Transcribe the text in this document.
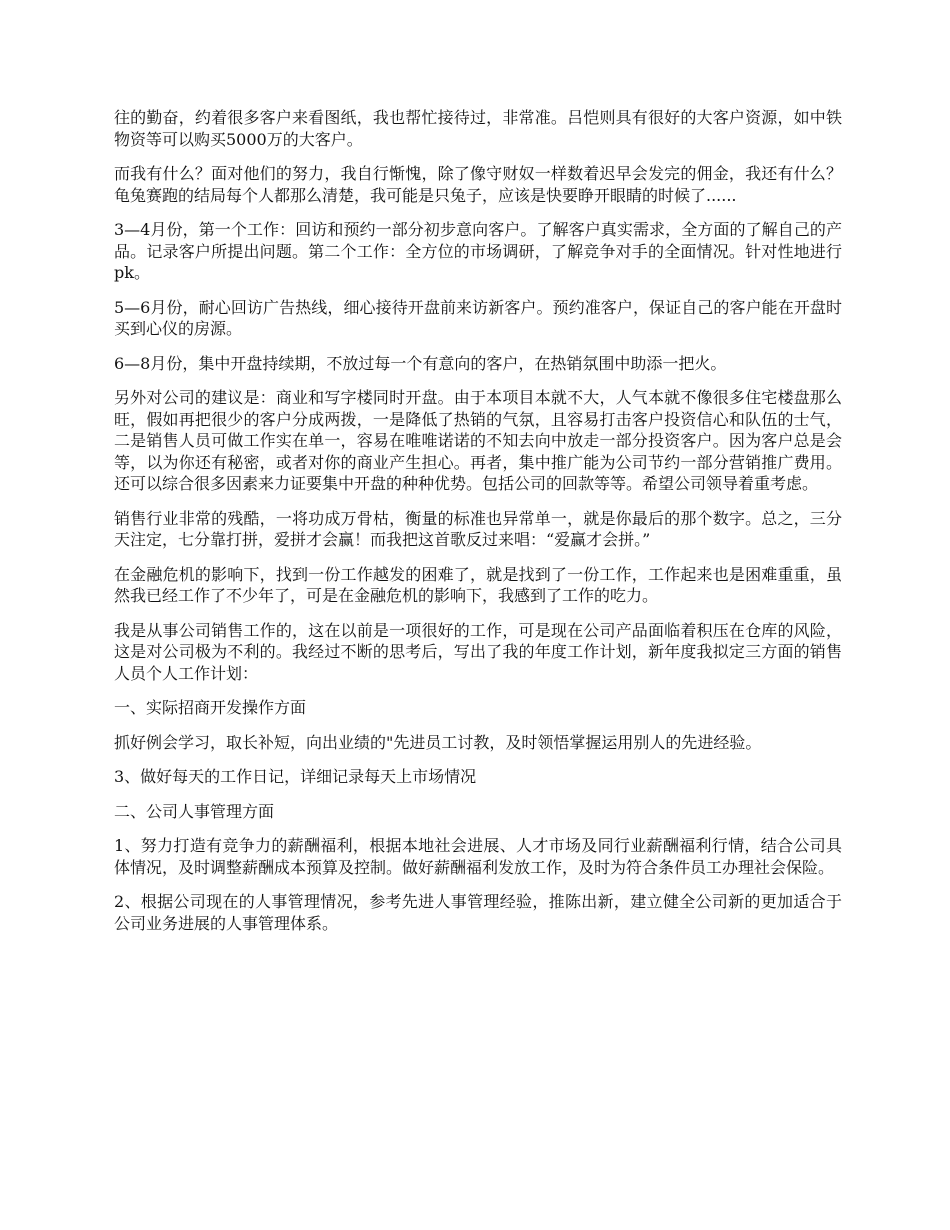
往的勤奋，约着很多客户来看图纸，我也帮忙接待过，非常准。吕恺则具有很好的大客户资源，如中铁物资等可以购买5000万的大客户。

而我有什么？面对他们的努力，我自行惭愧，除了像守财奴一样数着迟早会发完的佣金，我还有什么？龟兔赛跑的结局每个人都那么清楚，我可能是只兔子，应该是快要睁开眼睛的时候了......

3—4月份，第一个工作：回访和预约一部分初步意向客户。了解客户真实需求，全方面的了解自己的产品。记录客户所提出问题。第二个工作：全方位的市场调研，了解竞争对手的全面情况。针对性地进行pk。

5—6月份，耐心回访广告热线，细心接待开盘前来访新客户。预约准客户，保证自己的客户能在开盘时买到心仪的房源。

6—8月份，集中开盘持续期，不放过每一个有意向的客户，在热销氛围中助添一把火。

另外对公司的建议是：商业和写字楼同时开盘。由于本项目本就不大，人气本就不像很多住宅楼盘那么旺，假如再把很少的客户分成两拨，一是降低了热销的气氛，且容易打击客户投资信心和队伍的士气，二是销售人员可做工作实在单一，容易在唯唯诺诺的不知去向中放走一部分投资客户。因为客户总是会等，以为你还有秘密，或者对你的商业产生担心。再者，集中推广能为公司节约一部分营销推广费用。还可以综合很多因素来力证要集中开盘的种种优势。包括公司的回款等等。希望公司领导着重考虑。

销售行业非常的残酷，一将功成万骨枯，衡量的标准也异常单一，就是你最后的那个数字。总之，三分天注定，七分靠打拼，爱拼才会赢！而我把这首歌反过来唱：“爱赢才会拼。”

在金融危机的影响下，找到一份工作越发的困难了，就是找到了一份工作，工作起来也是困难重重，虽然我已经工作了不少年了，可是在金融危机的影响下，我感到了工作的吃力。

我是从事公司销售工作的，这在以前是一项很好的工作，可是现在公司产品面临着积压在仓库的风险，这是对公司极为不利的。我经过不断的思考后，写出了我的年度工作计划，新年度我拟定三方面的销售人员个人工作计划：

一、实际招商开发操作方面

抓好例会学习，取长补短，向出业绩的"先进员工讨教，及时领悟掌握运用别人的先进经验。

3、做好每天的工作日记，详细记录每天上市场情况

二、公司人事管理方面

1、努力打造有竞争力的薪酬福利，根据本地社会进展、人才市场及同行业薪酬福利行情，结合公司具体情况，及时调整薪酬成本预算及控制。做好薪酬福利发放工作，及时为符合条件员工办理社会保险。

2、根据公司现在的人事管理情况，参考先进人事管理经验，推陈出新，建立健全公司新的更加适合于公司业务进展的人事管理体系。
